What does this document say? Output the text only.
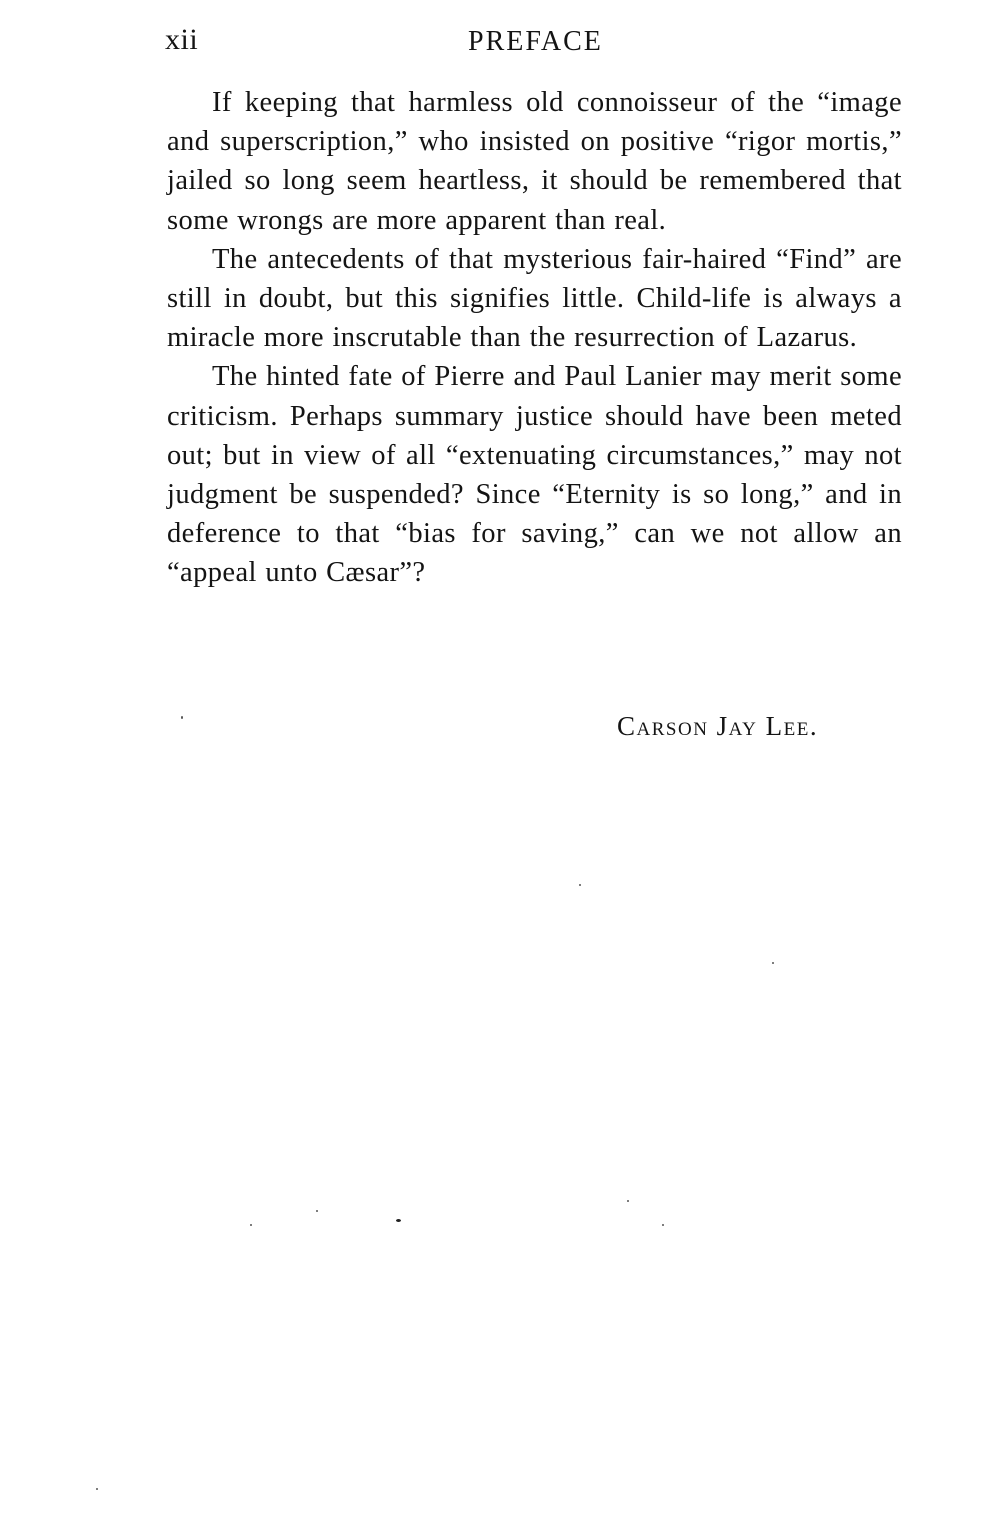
xii	PREFACE

If keeping that harmless old connoisseur of the “image and superscription,” who insisted on positive “rigor mortis,” jailed so long seem heartless, it should be remembered that some wrongs are more apparent than real.

The antecedents of that mysterious fair-haired “Find” are still in doubt, but this signifies little. Child-life is always a miracle more inscrutable than the resurrection of Lazarus.

The hinted fate of Pierre and Paul Lanier may merit some criticism. Perhaps summary justice should have been meted out; but in view of all “extenuating circumstances,” may not judgment be suspended? Since “Eternity is so long,” and in deference to that “bias for saving,” can we not allow an “appeal unto Cæsar”?

Carson Jay Lee.
